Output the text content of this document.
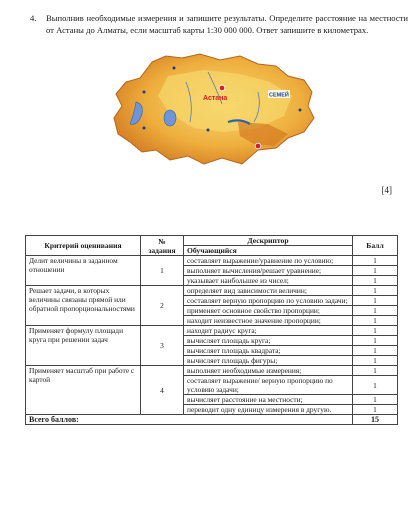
4. Выполнив необходимые измерения и запишите результаты. Определите расстояние на местности от Астаны до Алматы, если масштаб карты 1:30 000 000. Ответ запишите в километрах.
Астана	СЕМЕЙ
[4]
Критерий оценивания	№ задания	Дескриптор	Балл
		Обучающийся	
Делит величины в заданном отношении	1	составляет выражение/уравнение по условию;	1
		выполняет вычисления/решает уравнение;	1
		указывает наибольшее из чисел;	1
Решает задачи, в которых величины связаны прямой или обратной пропорциональностями	2	определяет вид зависимости величин;	1
		составляет верную пропорцию по условию задачи;	1
		применяет основное свойство пропорции;	1
		находит неизвестное значение пропорции;	1
Применяет формулу площади круга при решении задач	3	находит радиус круга;	1
		вычисляет площадь круга;	1
		вычисляет площадь квадрата;	1
		вычисляет площадь фигуры;	1
Применяет масштаб при работе с картой	4	выполняет необходимые измерения;	1
		составляет выражение/ верную пропорцию по условию задачи;	1
		вычисляет расстояние на местности;	1
		переводит одну единицу измерения в другую.	1
Всего баллов:			15
